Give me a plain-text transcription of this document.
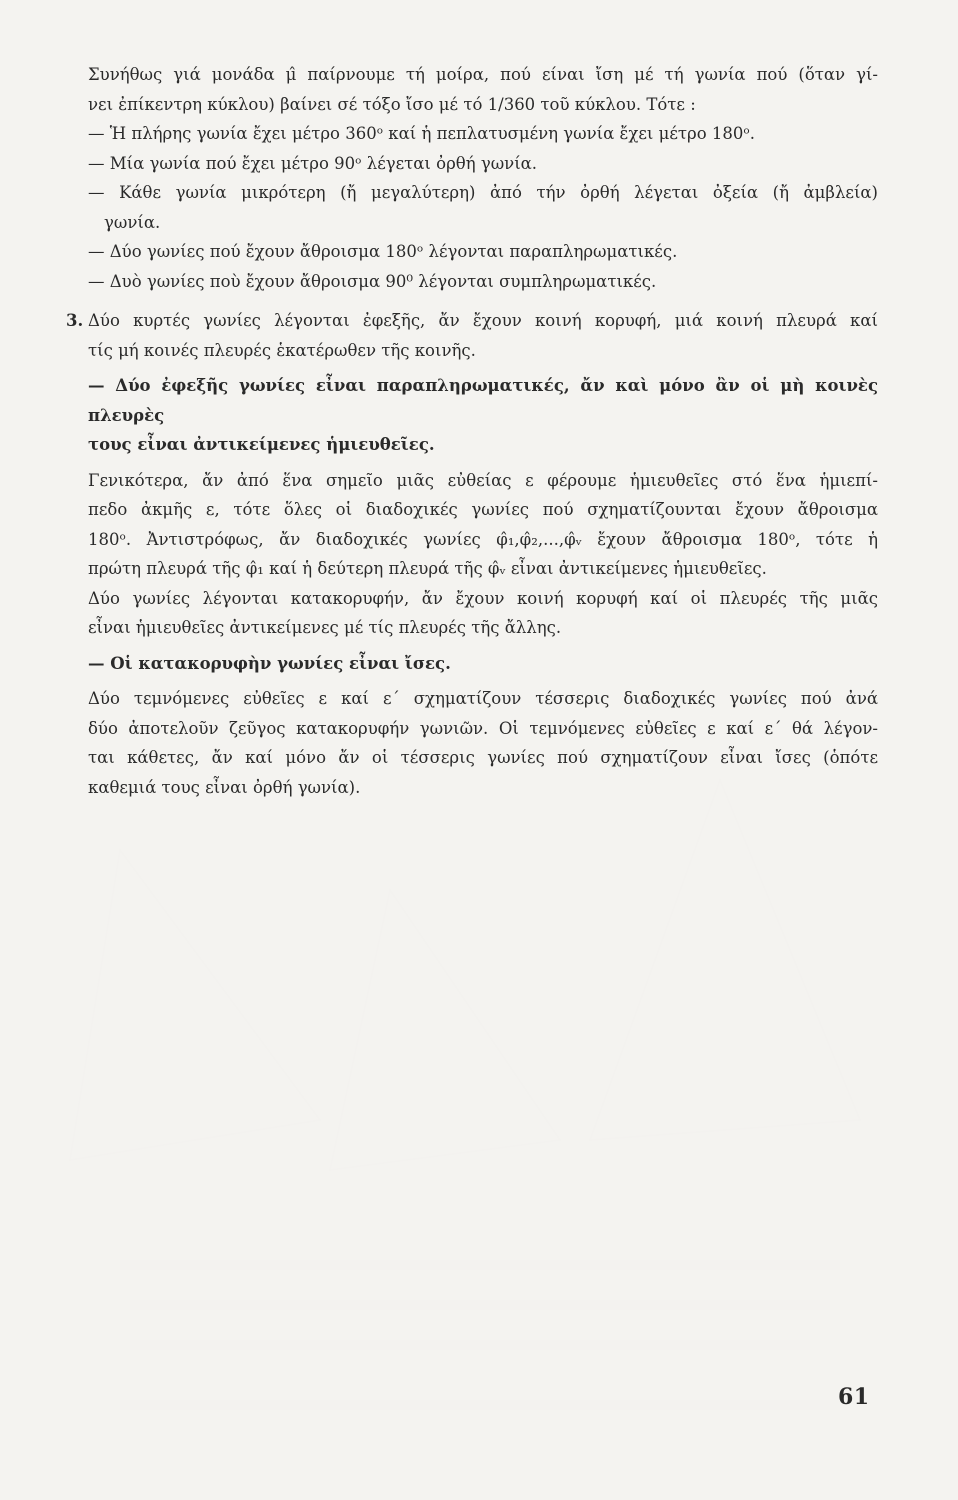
Συνήθως γιά μονάδα μ̂ παίρνουμε τή μοίρα, πού είναι ἴση μέ τή γωνία πού (ὅταν γί-
νει ἐπίκεντρη κύκλου) βαίνει σέ τόξο ἴσο μέ τό 1/360 τοῦ κύκλου. Τότε :
— Ἡ πλήρης γωνία ἔχει μέτρο 360ᵒ καί ἡ πεπλατυσμένη γωνία ἔχει μέτρο 180ᵒ.
— Μία γωνία πού ἔχει μέτρο 90ᵒ λέγεται ὀρθή γωνία.
— Κάθε γωνία μικρότερη (ἤ μεγαλύτερη) ἀπό τήν ὀρθή λέγεται ὀξεία (ἤ ἀμβλεία)
γωνία.
— Δύο γωνίες πού ἔχουν ἄθροισμα 180ᵒ λέγονται παραπληρωματικές.
— Δυὸ γωνίες ποὺ ἔχουν ἄθροισμα 90⁰ λέγονται συμπληρωματικές.
3. Δύο κυρτές γωνίες λέγονται ἐφεξῆς, ἄν ἔχουν κοινή κορυφή, μιά κοινή πλευρά καί
τίς μή κοινές πλευρές ἑκατέρωθεν τῆς κοινῆς.
— Δύο ἐφεξῆς γωνίες εἶναι παραπληρωματικές, ἄν καὶ μόνο ἂν οἱ μὴ κοινὲς πλευρὲς
τους εἶναι ἀντικείμενες ἡμιευθεῖες.
Γενικότερα, ἄν ἀπό ἕνα σημεῖο μιᾶς εὐθείας ε φέρουμε ἡμιευθεῖες στό ἕνα ἡμιεπί-
πεδο ἀκμῆς ε, τότε ὅλες οἱ διαδοχικές γωνίες πού σχηματίζουνται ἔχουν ἄθροισμα
180ᵒ. Ἀντιστρόφως, ἄν διαδοχικές γωνίες φ̂₁,φ̂₂,...,φ̂ᵥ ἔχουν ἄθροισμα 180ᵒ, τότε ἡ
πρώτη πλευρά τῆς φ̂₁ καί ἡ δεύτερη πλευρά τῆς φ̂ᵥ εἶναι ἀντικείμενες ἡμιευθεῖες.
Δύο γωνίες λέγονται κατακορυφήν, ἄν ἔχουν κοινή κορυφή καί οἱ πλευρές τῆς μιᾶς
εἶναι ἡμιευθεῖες ἀντικείμενες μέ τίς πλευρές τῆς ἄλλης.
— Οἱ κατακορυφὴν γωνίες εἶναι ἴσες.
Δύο τεμνόμενες εὐθεῖες ε καί ε΄ σχηματίζουν τέσσερις διαδοχικές γωνίες πού ἀνά
δύο ἀποτελοῦν ζεῦγος κατακορυφήν γωνιῶν. Οἱ τεμνόμενες εὐθεῖες ε καί ε΄ θά λέγον-
ται κάθετες, ἄν καί μόνο ἄν οἱ τέσσερις γωνίες πού σχηματίζουν εἶναι ἴσες (ὁπότε
καθεμιά τους εἶναι ὀρθή γωνία).
61
